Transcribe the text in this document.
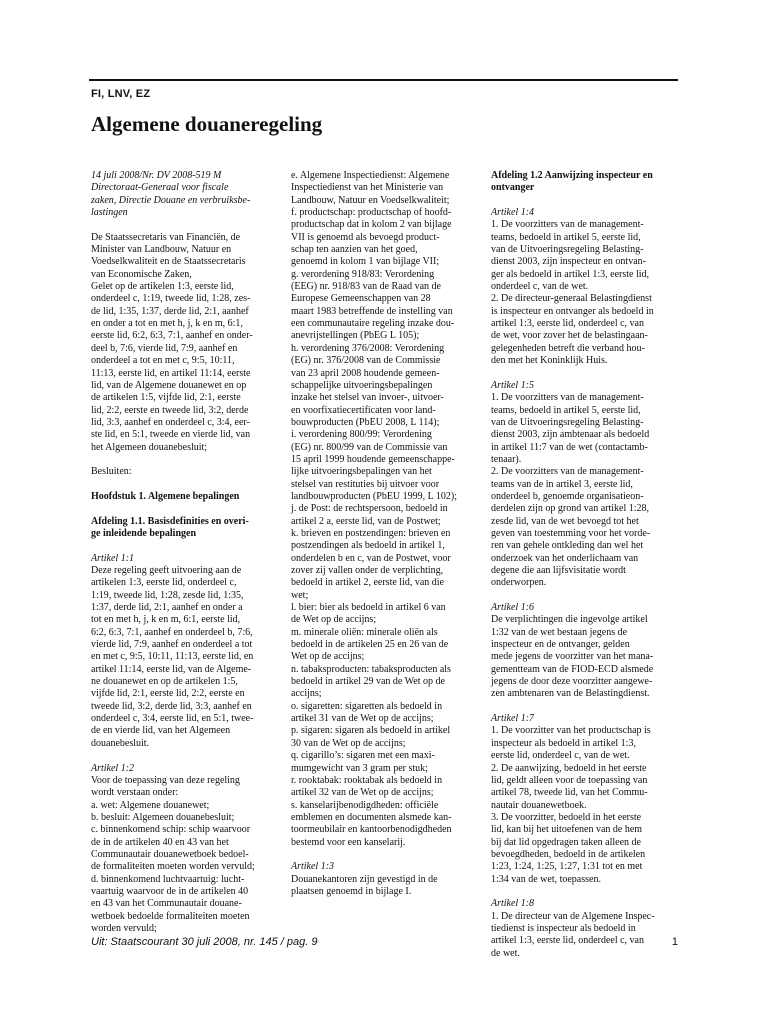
FI, LNV, EZ
Algemene douaneregeling

14 juli 2008/Nr. DV 2008-519 M
Directoraat-Generaal voor fiscale
zaken, Directie Douane en verbruiksbe-
lastingen

De Staatssecretaris van Financiën, de
Minister van Landbouw, Natuur en
Voedselkwaliteit en de Staatssecretaris
van Economische Zaken,
Gelet op de artikelen 1:3, eerste lid,
onderdeel c, 1:19, tweede lid, 1:28, zes-
de lid, 1:35, 1:37, derde lid, 2:1, aanhef
en onder a tot en met h, j, k en m, 6:1,
eerste lid, 6:2, 6:3, 7:1, aanhef en onder-
deel b, 7:6, vierde lid, 7:9, aanhef en
onderdeel a tot en met c, 9:5, 10:11,
11:13, eerste lid, en artikel 11:14, eerste
lid, van de Algemene douanewet en op
de artikelen 1:5, vijfde lid, 2:1, eerste
lid, 2:2, eerste en tweede lid, 3:2, derde
lid, 3:3, aanhef en onderdeel c, 3:4, eer-
ste lid, en 5:1, tweede en vierde lid, van
het Algemeen douanebesluit;

Besluiten:

Hoofdstuk 1. Algemene bepalingen

Afdeling 1.1. Basisdefinities en overi-
ge inleidende bepalingen

Artikel 1:1

Deze regeling geeft uitvoering aan de
artikelen 1:3, eerste lid, onderdeel c,
1:19, tweede lid, 1:28, zesde lid, 1:35,
1:37, derde lid, 2:1, aanhef en onder a
tot en met h, j, k en m, 6:1, eerste lid,
6:2, 6:3, 7:1, aanhef en onderdeel b, 7:6,
vierde lid, 7:9, aanhef en onderdeel a tot
en met c, 9:5, 10:11, 11:13, eerste lid, en
artikel 11:14, eerste lid, van de Algeme-
ne douanewet en op de artikelen 1:5,
vijfde lid, 2:1, eerste lid, 2:2, eerste en
tweede lid, 3:2, derde lid, 3:3, aanhef en
onderdeel c, 3:4, eerste lid, en 5:1, twee-
de en vierde lid, van het Algemeen
douanebesluit.

Artikel 1:2

Voor de toepassing van deze regeling
wordt verstaan onder:
a. wet: Algemene douanewet;
b. besluit: Algemeen douanebesluit;
c. binnenkomend schip: schip waarvoor
de in de artikelen 40 en 43 van het
Communautair douanewetboek bedoel-
de formaliteiten moeten worden vervuld;
d. binnenkomend luchtvaartuig: lucht-
vaartuig waarvoor de in de artikelen 40
en 43 van het Communautair douane-
wetboek bedoelde formaliteiten moeten
worden vervuld;

e. Algemene Inspectiedienst: Algemene
Inspectiedienst van het Ministerie van
Landbouw, Natuur en Voedselkwaliteit;
f. productschap: productschap of hoofd-
productschap dat in kolom 2 van bijlage
VII is genoemd als bevoegd product-
schap ten aanzien van het goed,
genoemd in kolom 1 van bijlage VII;
g. verordening 918/83: Verordening
(EEG) nr. 918/83 van de Raad van de
Europese Gemeenschappen van 28
maart 1983 betreffende de instelling van
een communautaire regeling inzake dou-
anevrijstellingen (PbEG L 105);
h. verordening 376/2008: Verordening
(EG) nr. 376/2008 van de Commissie
van 23 april 2008 houdende gemeen-
schappelijke uitvoeringsbepalingen
inzake het stelsel van invoer-, uitvoer-
en voorfixatiecertificaten voor land-
bouwproducten (PbEU 2008, L 114);
i. verordening 800/99: Verordening
(EG) nr. 800/99 van de Commissie van
15 april 1999 houdende gemeenschappe-
lijke uitvoeringsbepalingen van het
stelsel van restituties bij uitvoer voor
landbouwproducten (PbEU 1999, L 102);
j. de Post: de rechtspersoon, bedoeld in
artikel 2 a, eerste lid, van de Postwet;
k. brieven en postzendingen: brieven en
postzendingen als bedoeld in artikel 1,
onderdelen b en c, van de Postwet, voor
zover zij vallen onder de verplichting,
bedoeld in artikel 2, eerste lid, van die
wet;
l. bier: bier als bedoeld in artikel 6 van
de Wet op de accijns;
m. minerale oliën: minerale oliën als
bedoeld in de artikelen 25 en 26 van de
Wet op de accijns;
n. tabaksproducten: tabaksproducten als
bedoeld in artikel 29 van de Wet op de
accijns;
o. sigaretten: sigaretten als bedoeld in
artikel 31 van de Wet op de accijns;
p. sigaren: sigaren als bedoeld in artikel
30 van de Wet op de accijns;
q. cigarillo’s: sigaren met een maxi-
mumgewicht van 3 gram per stuk;
r. rooktabak: rooktabak als bedoeld in
artikel 32 van de Wet op de accijns;
s. kanselarijbenodigdheden: officiële
emblemen en documenten alsmede kan-
toormeubilair en kantoorbenodigdheden
bestemd voor een kanselarij.

Artikel 1:3

Douanekantoren zijn gevestigd in de
plaatsen genoemd in bijlage I.

Afdeling 1.2 Aanwijzing inspecteur en
ontvanger

Artikel 1:4

1. De voorzitters van de management-
teams, bedoeld in artikel 5, eerste lid,
van de Uitvoeringsregeling Belasting-
dienst 2003, zijn inspecteur en ontvan-
ger als bedoeld in artikel 1:3, eerste lid,
onderdeel c, van de wet.
2. De directeur-generaal Belastingdienst
is inspecteur en ontvanger als bedoeld in
artikel 1:3, eerste lid, onderdeel c, van
de wet, voor zover het de belastingaan-
gelegenheden betreft die verband hou-
den met het Koninklijk Huis.

Artikel 1:5

1. De voorzitters van de management-
teams, bedoeld in artikel 5, eerste lid,
van de Uitvoeringsregeling Belasting-
dienst 2003, zijn ambtenaar als bedoeld
in artikel 11:7 van de wet (contactamb-
tenaar).
2. De voorzitters van de management-
teams van de in artikel 3, eerste lid,
onderdeel b, genoemde organisatieon-
derdelen zijn op grond van artikel 1:28,
zesde lid, van de wet bevoegd tot het
geven van toestemming voor het vorde-
ren van gehele ontkleding dan wel het
onderzoek van het onderlichaam van
degene die aan lijfsvisitatie wordt
onderworpen.

Artikel 1:6

De verplichtingen die ingevolge artikel
1:32 van de wet bestaan jegens de
inspecteur en de ontvanger, gelden
mede jegens de voorzitter van het mana-
gementteam van de FIOD-ECD alsmede
jegens de door deze voorzitter aangewe-
zen ambtenaren van de Belastingdienst.

Artikel 1:7

1. De voorzitter van het productschap is
inspecteur als bedoeld in artikel 1:3,
eerste lid, onderdeel c, van de wet.
2. De aanwijzing, bedoeld in het eerste
lid, geldt alleen voor de toepassing van
artikel 78, tweede lid, van het Commu-
nautair douanewetboek.
3. De voorzitter, bedoeld in het eerste
lid, kan bij het uitoefenen van de hem
bij dat lid opgedragen taken alleen de
bevoegdheden, bedoeld in de artikelen
1:23, 1:24, 1:25, 1:27, 1:31 tot en met
1:34 van de wet, toepassen.

Artikel 1:8

1. De directeur van de Algemene Inspec-
tiedienst is inspecteur als bedoeld in
artikel 1:3, eerste lid, onderdeel c, van
de wet.

Uit: Staatscourant 30 juli 2008, nr. 145 / pag. 9	1
